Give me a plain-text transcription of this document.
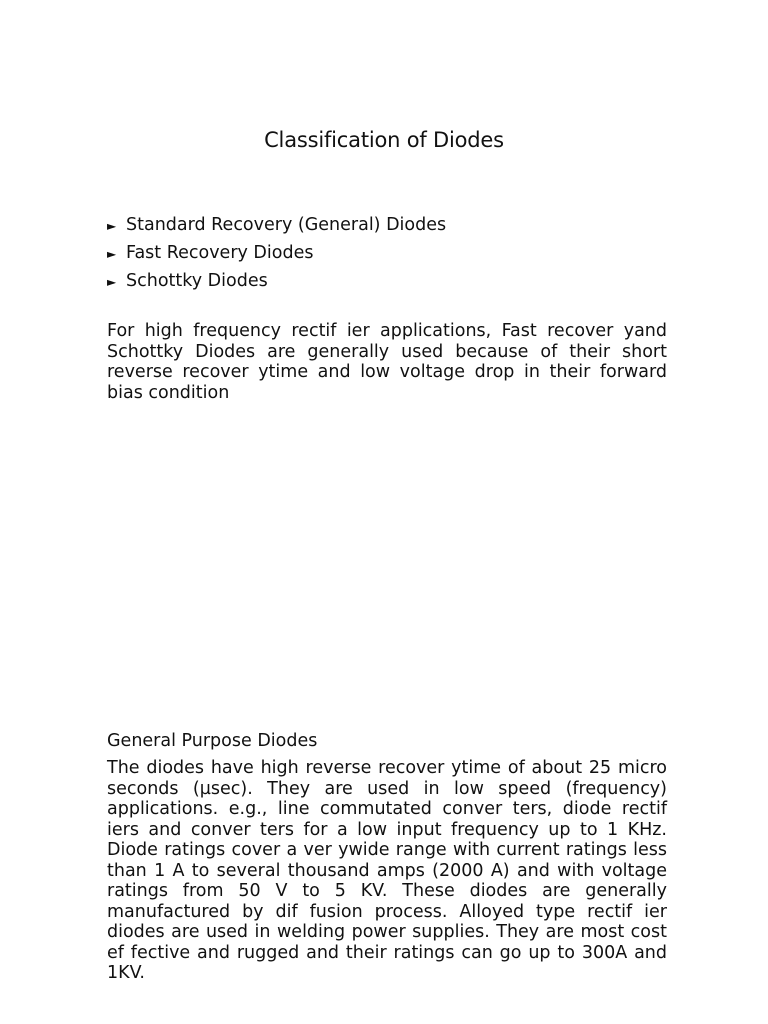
Classification of Diodes
► Standard Recovery (General) Diodes
► Fast Recovery Diodes
► Schottky Diodes

For high frequency rectif ier applications, Fast recover yand Schottky Diodes are generally used because of their short reverse recover ytime and low voltage drop in their forward bias condition

General Purpose Diodes

The diodes have high reverse recover ytime of about 25 micro seconds (µsec). They are used in low speed (frequency) applications. e.g., line commutated conver ters, diode rectif iers and conver ters for a low input frequency up to 1 KHz. Diode ratings cover a ver ywide range with current ratings less than 1 A to several thousand amps (2000 A) and with voltage ratings from 50 V to 5 KV. These diodes are generally manufactured by dif fusion process. Alloyed type rectif ier diodes are used in welding power supplies. They are most cost ef fective and rugged and their ratings can go up to 300A and 1KV.
